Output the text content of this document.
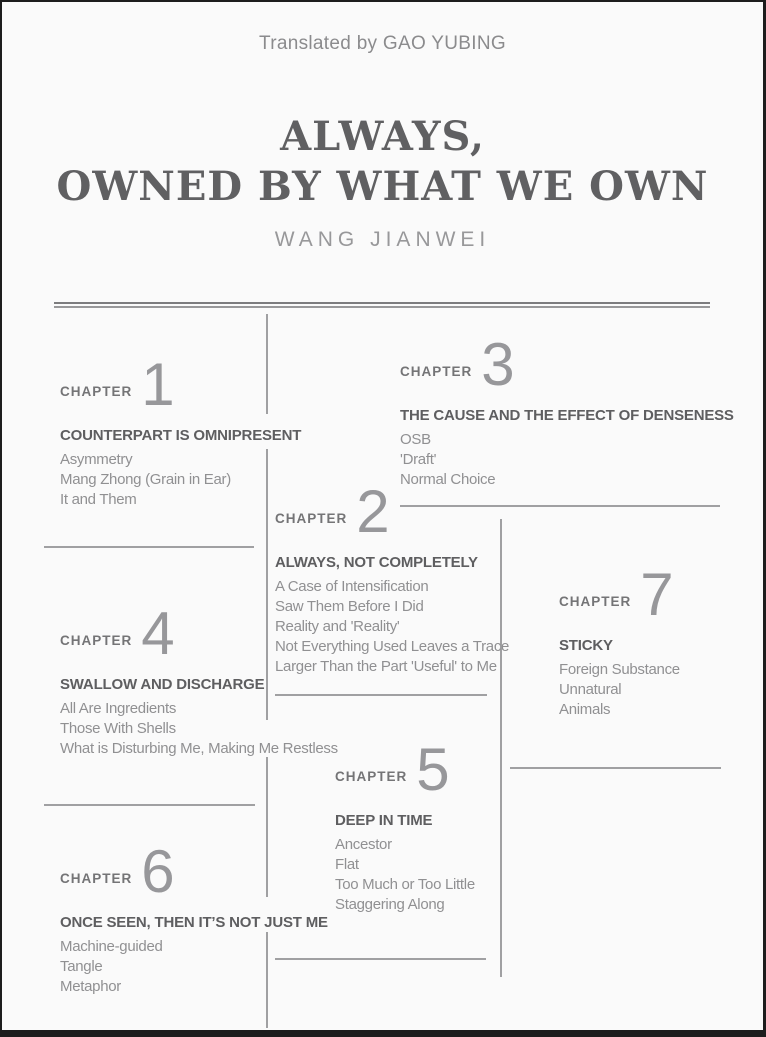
Translated by GAO YUBING
ALWAYS,
OWNED BY WHAT WE OWN
WANG JIANWEI
CHAPTER 1
COUNTERPART IS OMNIPRESENT
Asymmetry
Mang Zhong (Grain in Ear)
It and Them
CHAPTER 2
ALWAYS, NOT COMPLETELY
A Case of Intensification
Saw Them Before I Did
Reality and 'Reality'
Not Everything Used Leaves a Trace
Larger Than the Part 'Useful' to Me
CHAPTER 3
THE CAUSE AND THE EFFECT OF DENSENESS
OSB
'Draft'
Normal Choice
CHAPTER 4
SWALLOW AND DISCHARGE
All Are Ingredients
Those With Shells
What is Disturbing Me, Making Me Restless
CHAPTER 5
DEEP IN TIME
Ancestor
Flat
Too Much or Too Little
Staggering Along
CHAPTER 6
ONCE SEEN, THEN IT’S NOT JUST ME
Machine-guided
Tangle
Metaphor
CHAPTER 7
STICKY
Foreign Substance
Unnatural
Animals
